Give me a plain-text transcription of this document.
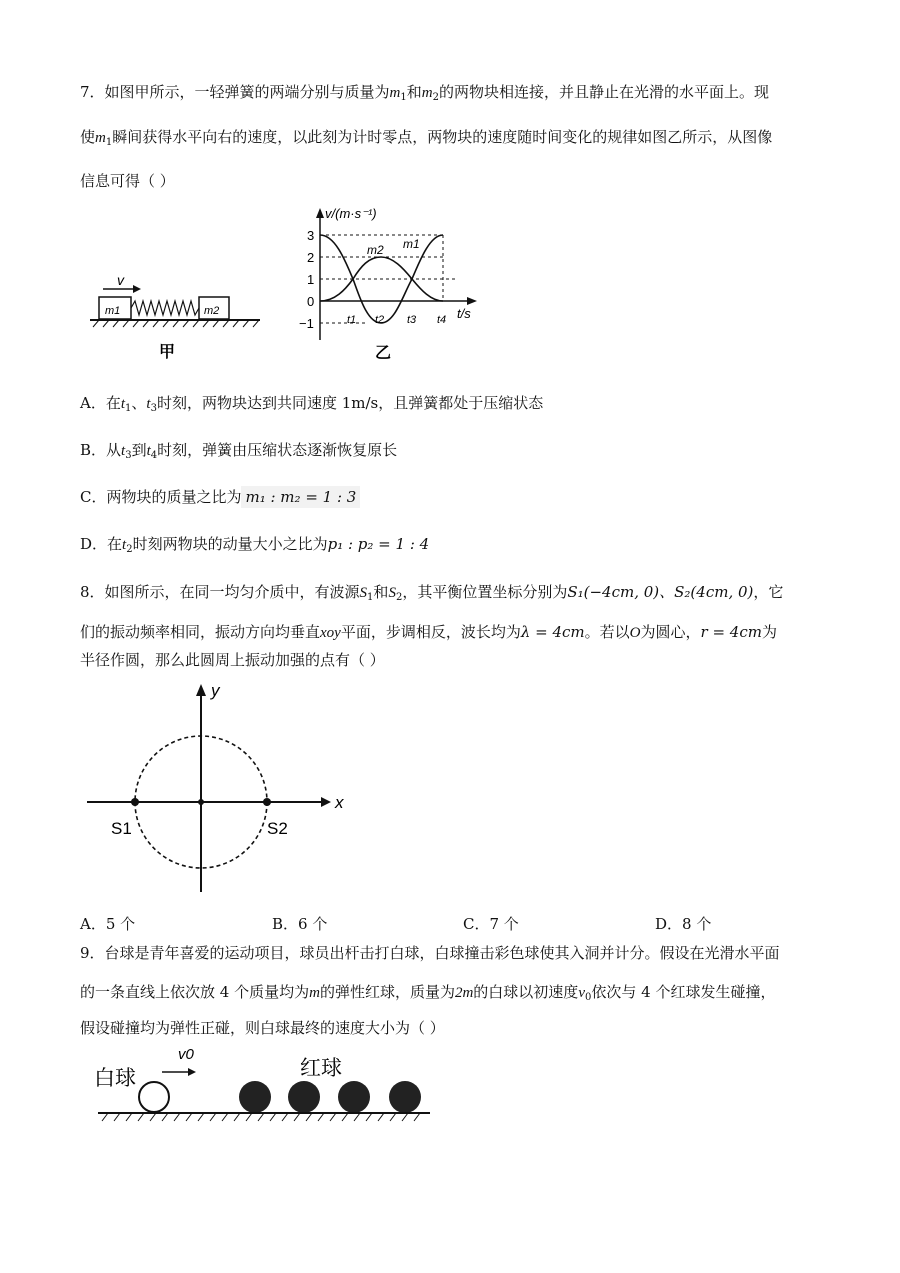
7．如图甲所示，一轻弹簧的两端分别与质量为$m_1$和$m_2$的两物块相连接，并且静止在光滑的水平面上。现
使$m_1$瞬间获得水平向右的速度，以此刻为计时零点，两物块的速度随时间变化的规律如图乙所示，从图像
信息可得（ ）
v
m1	m2
甲
v/(m·s⁻¹)
t/s
3
2
1
0
−1	t1 t2 t3 t4
m2 m1
乙
A．在$t_1$、$t_3$时刻，两物块达到共同速度 1m/s，且弹簧都处于压缩状态
B．从$t_3$到$t_4$时刻，弹簧由压缩状态逐渐恢复原长
C．两物块的质量之比为 m₁ : m₂ = 1 : 3
D．在$t_2$时刻两物块的动量大小之比为p₁ : p₂ = 1 : 4
8．如图所示，在同一均匀介质中，有波源$S_1$和$S_2$，其平衡位置坐标分别为S₁(−4cm, 0)、S₂(4cm, 0)，它
们的振动频率相同，振动方向均垂直xoy平面，步调相反，波长均为λ = 4cm。若以O为圆心，r = 4cm为
半径作圆，那么此圆周上振动加强的点有（ ）
x
y
S1	S2
A．5 个	B．6 个	C．7 个	D．8 个
9．台球是青年喜爱的运动项目，球员出杆击打白球，白球撞击彩色球使其入洞并计分。假设在光滑水平面
的一条直线上依次放 4 个质量均为m的弹性红球，质量为2m的白球以初速度$v_0$依次与 4 个红球发生碰撞，
假设碰撞均为弹性正碰，则白球最终的速度大小为（ ）
白球
v0
红球
